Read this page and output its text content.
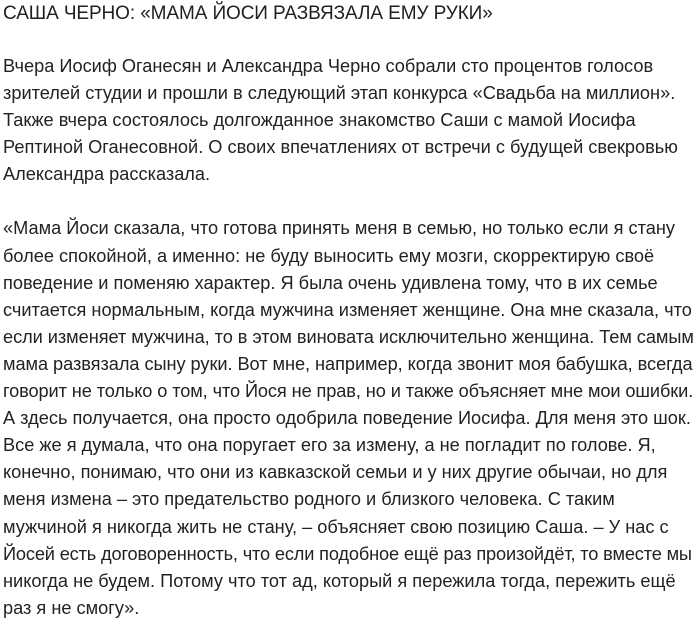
САША ЧЕРНО: «МАМА ЙОСИ РАЗВЯЗАЛА ЕМУ РУКИ»

Вчера Иосиф Оганесян и Александра Черно собрали сто процентов голосов
зрителей студии и прошли в следующий этап конкурса «Свадьба на миллион».
Также вчера состоялось долгожданное знакомство Саши с мамой Иосифа
Рептиной Оганесовной. О своих впечатлениях от встречи с будущей свекровью
Александра рассказала.

«Мама Йоси сказала, что готова принять меня в семью, но только если я стану
более спокойной, а именно: не буду выносить ему мозги, скорректирую своё
поведение и поменяю характер. Я была очень удивлена тому, что в их семье
считается нормальным, когда мужчина изменяет женщине. Она мне сказала, что
если изменяет мужчина, то в этом виновата исключительно женщина. Тем самым
мама развязала сыну руки. Вот мне, например, когда звонит моя бабушка, всегда
говорит не только о том, что Йося не прав, но и также объясняет мне мои ошибки.
А здесь получается, она просто одобрила поведение Иосифа. Для меня это шок.
Все же я думала, что она поругает его за измену, а не погладит по голове. Я,
конечно, понимаю, что они из кавказской семьи и у них другие обычаи, но для
меня измена – это предательство родного и близкого человека. С таким
мужчиной я никогда жить не стану, – объясняет свою позицию Саша. – У нас с
Йосей есть договоренность, что если подобное ещё раз произойдёт, то вместе мы
никогда не будем. Потому что тот ад, который я пережила тогда, пережить ещё
раз я не смогу».
